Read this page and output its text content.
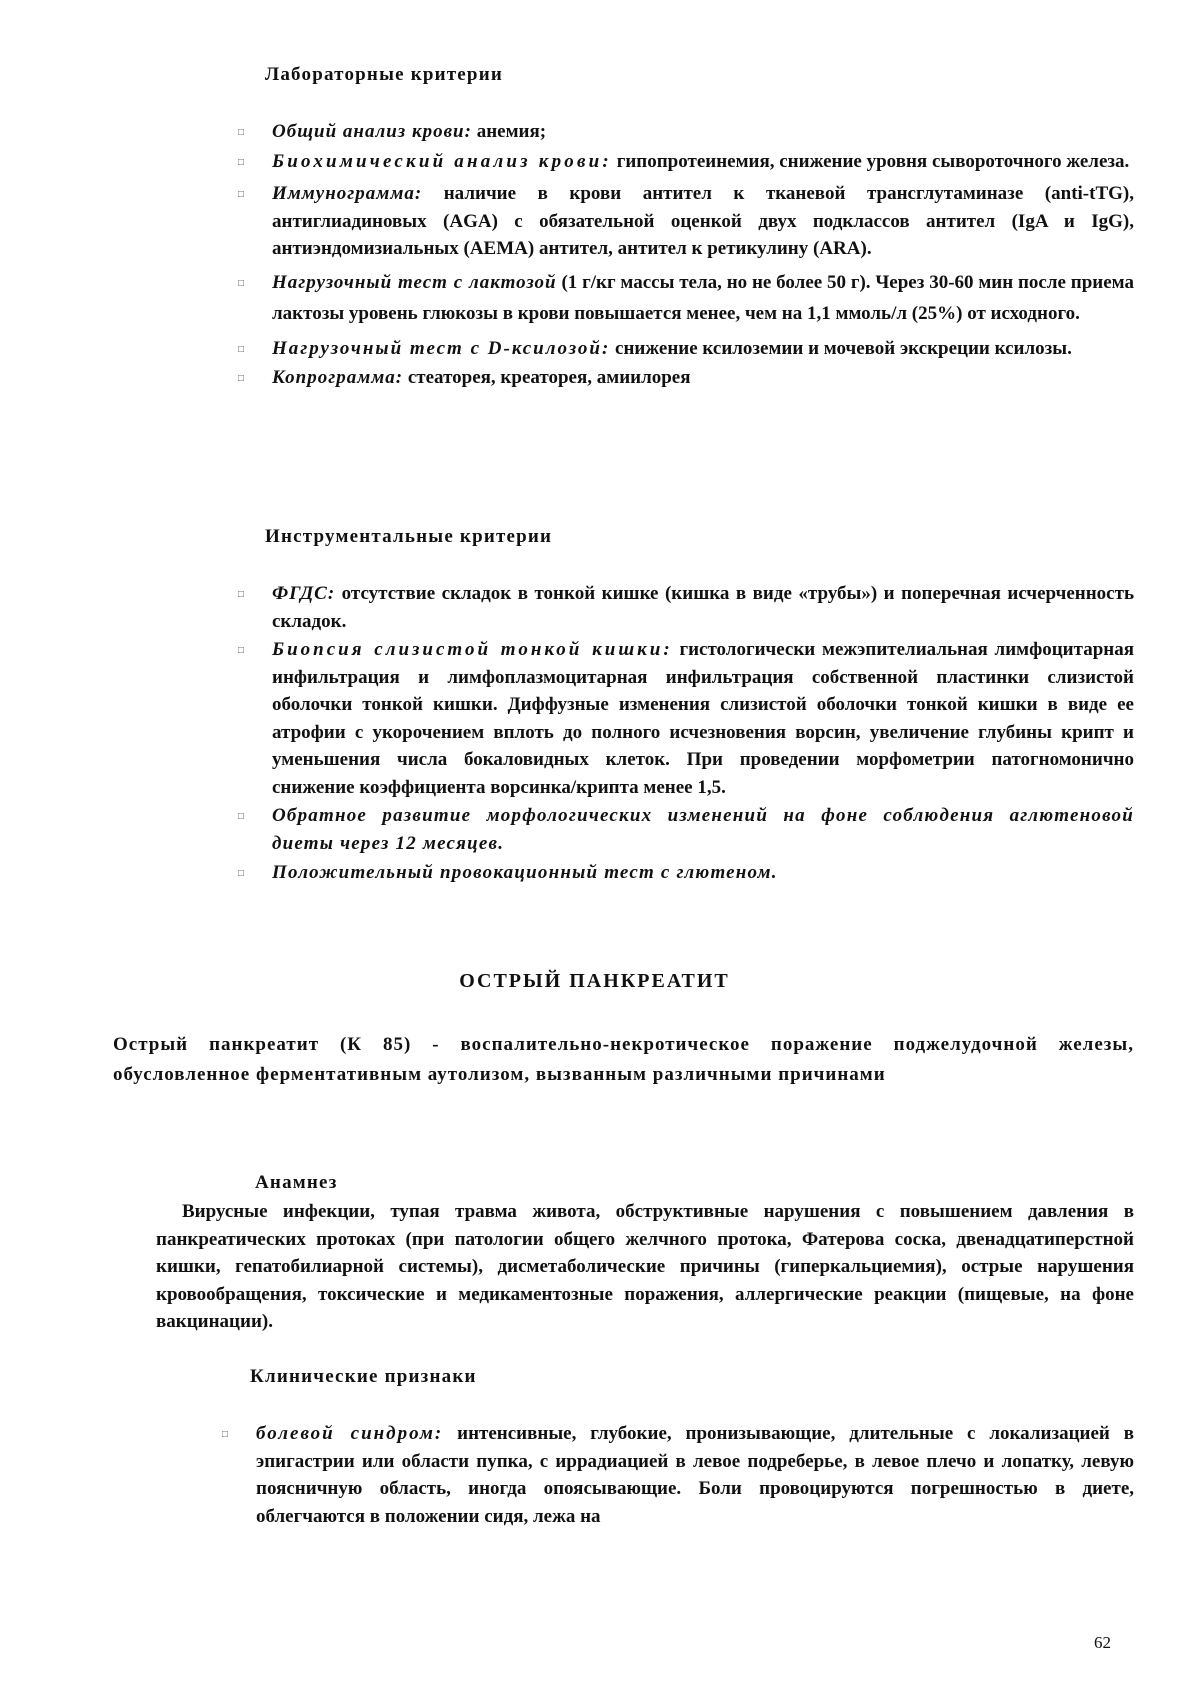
Лабораторные критерии
□ Общий анализ крови: анемия;
□ Биохимический анализ крови: гипопротеинемия, снижение уровня сывороточного железа.
□ Иммунограмма: наличие в крови антител к тканевой трансглутаминазе (anti-tTG), антиглиадиновых (AGA) с обязательной оценкой двух подклассов антител (IgA и IgG), антиэндомизиальных (AEMA) антител, антител к ретикулину (ARA).
□ Нагрузочный тест с лактозой (1 г/кг массы тела, но не более 50 г). Через 30-60 мин после приема лактозы уровень глюкозы в крови повышается менее, чем на 1,1 ммоль/л (25%) от исходного.
□ Нагрузочный тест с D-ксилозой: снижение ксилоземии и мочевой экскреции ксилозы.
□ Копрограмма: стеаторея, креаторея, амиилорея
Инструментальные критерии
□ ФГДС: отсутствие складок в тонкой кишке (кишка в виде «трубы») и поперечная исчерченность складок.
□ Биопсия слизистой тонкой кишки: гистологически межэпителиальная лимфоцитарная инфильтрация и лимфоплазмоцитарная инфильтрация собственной пластинки слизистой оболочки тонкой кишки. Диффузные изменения слизистой оболочки тонкой кишки в виде ее атрофии с укорочением вплоть до полного исчезновения ворсин, увеличение глубины крипт и уменьшения числа бокаловидных клеток. При проведении морфометрии патогномонично снижение коэффициента ворсинка/крипта менее 1,5.
□ Обратное развитие морфологических изменений на фоне соблюдения аглютеновой диеты через 12 месяцев.
□ Положительный провокационный тест с глютеном.
ОСТРЫЙ ПАНКРЕАТИТ
Острый панкреатит (К 85) - воспалительно-некротическое поражение поджелудочной железы, обусловленное ферментативным аутолизом, вызванным различными причинами
Анамнез
Вирусные инфекции, тупая травма живота, обструктивные нарушения с повышением давления в панкреатических протоках (при патологии общего желчного протока, Фатерова соска, двенадцатиперстной кишки, гепатобилиарной системы), дисметаболические причины (гиперкальциемия), острые нарушения кровообращения, токсические и медикаментозные поражения, аллергические реакции (пищевые, на фоне вакцинации).
Клинические признаки
□ болевой синдром: интенсивные, глубокие, пронизывающие, длительные с локализацией в эпигастрии или области пупка, с иррадиацией в левое подреберье, в левое плечо и лопатку, левую поясничную область, иногда опоясывающие. Боли провоцируются погрешностью в диете, облегчаются в положении сидя, лежа на
62
